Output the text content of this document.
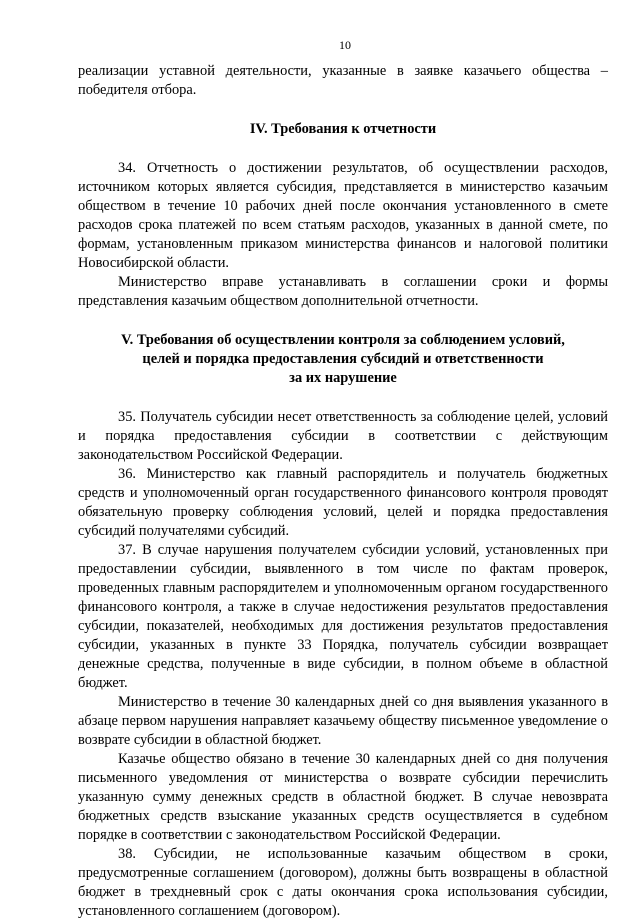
10

реализации уставной деятельности, указанные в заявке казачьего общества – победителя отбора.

IV. Требования к отчетности

34. Отчетность о достижении результатов, об осуществлении расходов, источником которых является субсидия, представляется в министерство казачьим обществом в течение 10 рабочих дней после окончания установленного в смете расходов срока платежей по всем статьям расходов, указанных в данной смете, по формам, установленным приказом министерства финансов и налоговой политики Новосибирской области.

Министерство вправе устанавливать в соглашении сроки и формы представления казачьим обществом дополнительной отчетности.

V. Требования об осуществлении контроля за соблюдением условий,
целей и порядка предоставления субсидий и ответственности
за их нарушение

35. Получатель субсидии несет ответственность за соблюдение целей, условий и порядка предоставления субсидии в соответствии с действующим законодательством Российской Федерации.

36. Министерство как главный распорядитель и получатель бюджетных средств и уполномоченный орган государственного финансового контроля проводят обязательную проверку соблюдения условий, целей и порядка предоставления субсидий получателями субсидий.

37. В случае нарушения получателем субсидии условий, установленных при предоставлении субсидии, выявленного в том числе по фактам проверок, проведенных главным распорядителем и уполномоченным органом государственного финансового контроля, а также в случае недостижения результатов предоставления субсидии, показателей, необходимых для достижения результатов предоставления субсидии, указанных в пункте 33 Порядка, получатель субсидии возвращает денежные средства, полученные в виде субсидии, в полном объеме в областной бюджет.

Министерство в течение 30 календарных дней со дня выявления указанного в абзаце первом нарушения направляет казачьему обществу письменное уведомление о возврате субсидии в областной бюджет.

Казачье общество обязано в течение 30 календарных дней со дня получения письменного уведомления от министерства о возврате субсидии перечислить указанную сумму денежных средств в областной бюджет. В случае невозврата бюджетных средств взыскание указанных средств осуществляется в судебном порядке в соответствии с законодательством Российской Федерации.

38. Субсидии, не использованные казачьим обществом в сроки, предусмотренные соглашением (договором), должны быть возвращены в областной бюджет в трехдневный срок с даты окончания срока использования субсидии, установленного соглашением (договором).
